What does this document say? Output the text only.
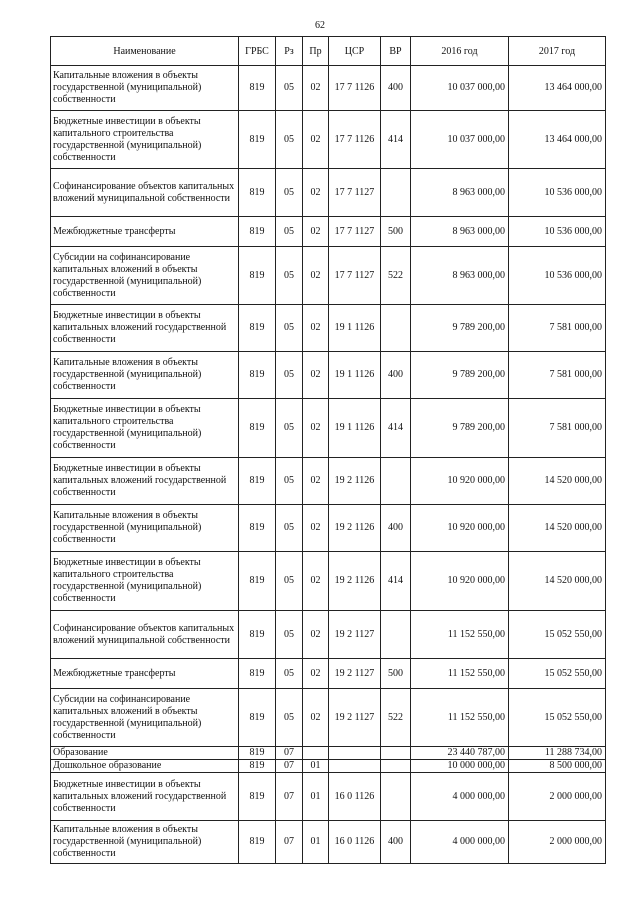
62
Наименование	ГРБС	Рз	Пр	ЦСР	ВР	2016 год	2017 год
Капитальные вложения в объекты государственной (муниципальной) собственности	819	05	02	17 7 1126	400	10 037 000,00	13 464 000,00
Бюджетные инвестиции в объекты капитального строительства государственной (муниципальной) собственности	819	05	02	17 7 1126	414	10 037 000,00	13 464 000,00
Софинансирование объектов капитальных вложений муниципальной собственности	819	05	02	17 7 1127		8 963 000,00	10 536 000,00
Межбюджетные трансферты	819	05	02	17 7 1127	500	8 963 000,00	10 536 000,00
Субсидии на софинансирование капитальных вложений в объекты государственной (муниципальной) собственности	819	05	02	17 7 1127	522	8 963 000,00	10 536 000,00
Бюджетные инвестиции в объекты капитальных вложений государственной собственности	819	05	02	19 1 1126		9 789 200,00	7 581 000,00
Капитальные вложения в объекты государственной (муниципальной) собственности	819	05	02	19 1 1126	400	9 789 200,00	7 581 000,00
Бюджетные инвестиции в объекты капитального строительства государственной (муниципальной) собственности	819	05	02	19 1 1126	414	9 789 200,00	7 581 000,00
Бюджетные инвестиции в объекты капитальных вложений государственной собственности	819	05	02	19 2 1126		10 920 000,00	14 520 000,00
Капитальные вложения в объекты государственной (муниципальной) собственности	819	05	02	19 2 1126	400	10 920 000,00	14 520 000,00
Бюджетные инвестиции в объекты капитального строительства государственной (муниципальной) собственности	819	05	02	19 2 1126	414	10 920 000,00	14 520 000,00
Софинансирование объектов капитальных вложений муниципальной собственности	819	05	02	19 2 1127		11 152 550,00	15 052 550,00
Межбюджетные трансферты	819	05	02	19 2 1127	500	11 152 550,00	15 052 550,00
Субсидии на софинансирование капитальных вложений в объекты государственной (муниципальной) собственности	819	05	02	19 2 1127	522	11 152 550,00	15 052 550,00
Образование	819	07				23 440 787,00	11 288 734,00
Дошкольное образование	819	07	01			10 000 000,00	8 500 000,00
Бюджетные инвестиции в объекты капитальных вложений государственной собственности	819	07	01	16 0 1126		4 000 000,00	2 000 000,00
Капитальные вложения в объекты государственной (муниципальной) собственности	819	07	01	16 0 1126	400	4 000 000,00	2 000 000,00
